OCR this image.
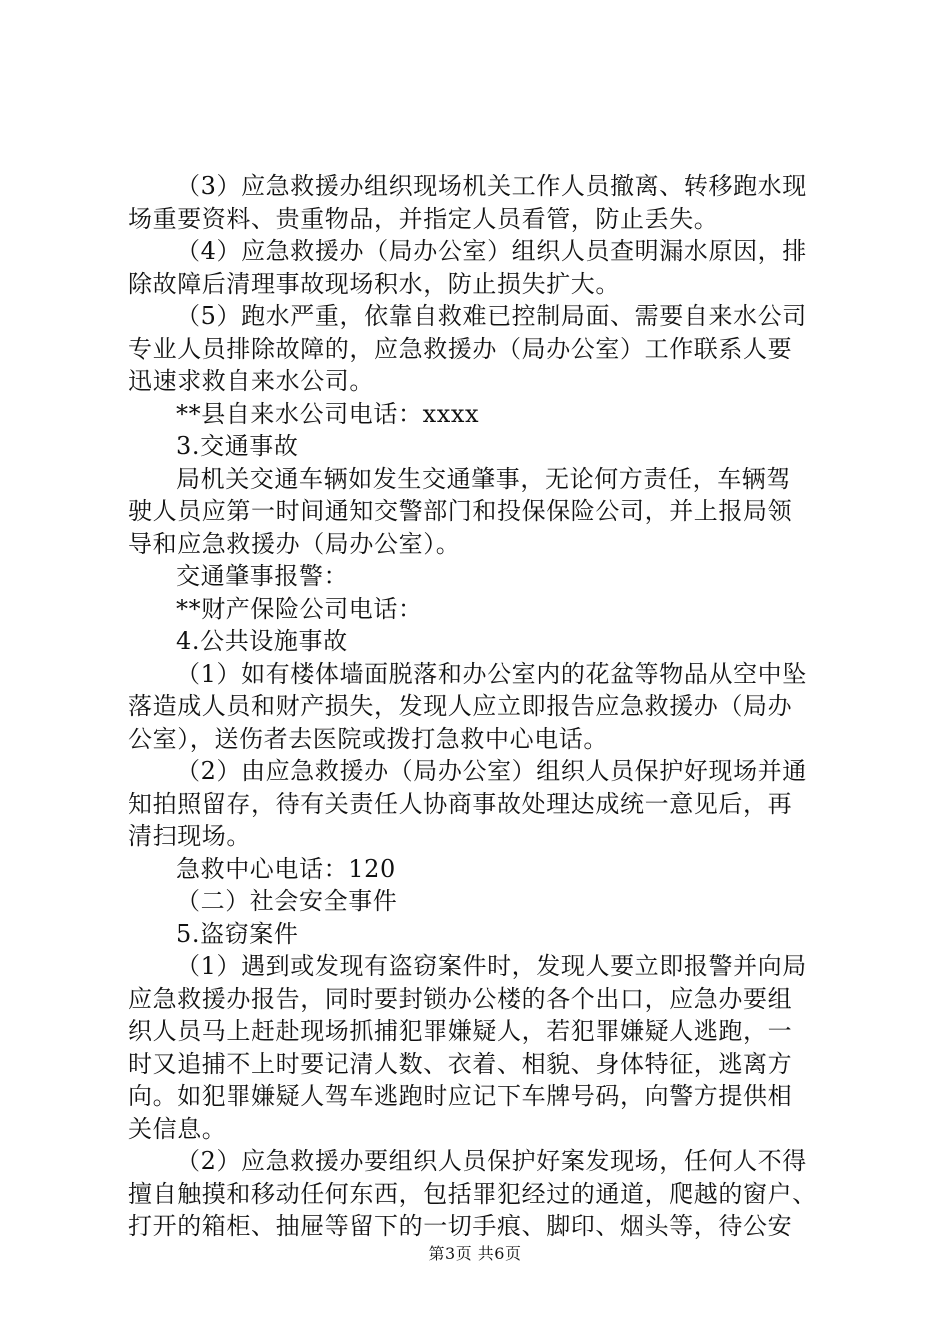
（3）应急救援办组织现场机关工作人员撤离、转移跑水现
场重要资料、贵重物品，并指定人员看管，防止丢失。
（4）应急救援办（局办公室）组织人员查明漏水原因，排
除故障后清理事故现场积水，防止损失扩大。
（5）跑水严重，依靠自救难已控制局面、需要自来水公司
专业人员排除故障的，应急救援办（局办公室）工作联系人要
迅速求救自来水公司。
**县自来水公司电话：xxxx
3.交通事故
局机关交通车辆如发生交通肇事，无论何方责任，车辆驾
驶人员应第一时间通知交警部门和投保保险公司，并上报局领
导和应急救援办（局办公室）。
交通肇事报警：
**财产保险公司电话：
4.公共设施事故
（1）如有楼体墙面脱落和办公室内的花盆等物品从空中坠
落造成人员和财产损失，发现人应立即报告应急救援办（局办
公室），送伤者去医院或拨打急救中心电话。
（2）由应急救援办（局办公室）组织人员保护好现场并通
知拍照留存，待有关责任人协商事故处理达成统一意见后，再
清扫现场。
急救中心电话：120
（二）社会安全事件
5.盗窃案件
（1）遇到或发现有盗窃案件时，发现人要立即报警并向局
应急救援办报告，同时要封锁办公楼的各个出口，应急办要组
织人员马上赶赴现场抓捕犯罪嫌疑人，若犯罪嫌疑人逃跑，一
时又追捕不上时要记清人数、衣着、相貌、身体特征，逃离方
向。如犯罪嫌疑人驾车逃跑时应记下车牌号码，向警方提供相
关信息。
（2）应急救援办要组织人员保护好案发现场，任何人不得
擅自触摸和移动任何东西，包括罪犯经过的通道，爬越的窗户、
打开的箱柜、抽屉等留下的一切手痕、脚印、烟头等，待公安
第3页 共6页
